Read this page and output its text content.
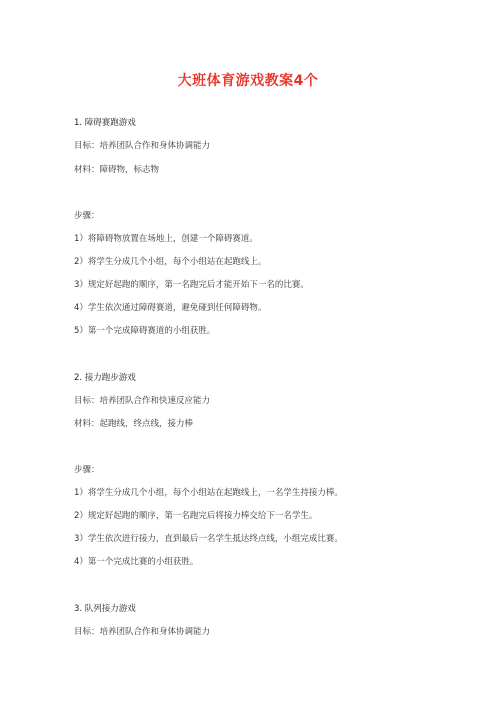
大班体育游戏教案4个
1. 障碍赛跑游戏
目标：培养团队合作和身体协调能力
材料：障碍物，标志物
步骤：
1）将障碍物放置在场地上，创建一个障碍赛道。
2）将学生分成几个小组，每个小组站在起跑线上。
3）规定好起跑的顺序，第一名跑完后才能开始下一名的比赛。
4）学生依次通过障碍赛道，避免碰到任何障碍物。
5）第一个完成障碍赛道的小组获胜。
2. 接力跑步游戏
目标：培养团队合作和快速反应能力
材料：起跑线，终点线，接力棒
步骤：
1）将学生分成几个小组，每个小组站在起跑线上，一名学生持接力棒。
2）规定好起跑的顺序，第一名跑完后将接力棒交给下一名学生。
3）学生依次进行接力，直到最后一名学生抵达终点线，小组完成比赛。
4）第一个完成比赛的小组获胜。
3. 队列接力游戏
目标：培养团队合作和身体协调能力
